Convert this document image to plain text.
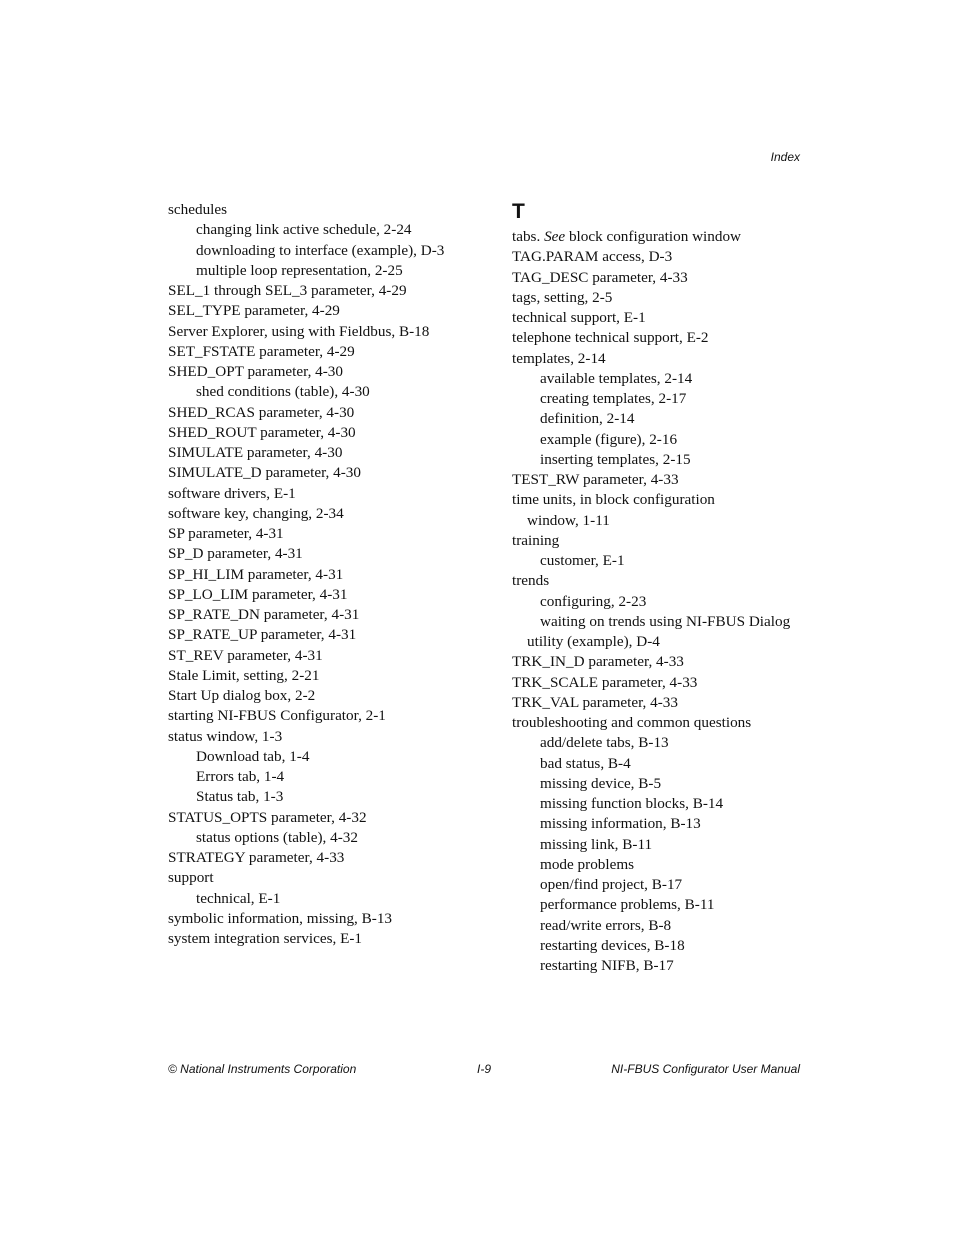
Index
schedules
changing link active schedule, 2-24
downloading to interface (example), D-3
multiple loop representation, 2-25
SEL_1 through SEL_3 parameter, 4-29
SEL_TYPE parameter, 4-29
Server Explorer, using with Fieldbus, B-18
SET_FSTATE parameter, 4-29
SHED_OPT parameter, 4-30
shed conditions (table), 4-30
SHED_RCAS parameter, 4-30
SHED_ROUT parameter, 4-30
SIMULATE parameter, 4-30
SIMULATE_D parameter, 4-30
software drivers, E-1
software key, changing, 2-34
SP parameter, 4-31
SP_D parameter, 4-31
SP_HI_LIM parameter, 4-31
SP_LO_LIM parameter, 4-31
SP_RATE_DN parameter, 4-31
SP_RATE_UP parameter, 4-31
ST_REV parameter, 4-31
Stale Limit, setting, 2-21
Start Up dialog box, 2-2
starting NI-FBUS Configurator, 2-1
status window, 1-3
Download tab, 1-4
Errors tab, 1-4
Status tab, 1-3
STATUS_OPTS parameter, 4-32
status options (table), 4-32
STRATEGY parameter, 4-33
support
technical, E-1
symbolic information, missing, B-13
system integration services, E-1
T
tabs. See block configuration window
TAG.PARAM access, D-3
TAG_DESC parameter, 4-33
tags, setting, 2-5
technical support, E-1
telephone technical support, E-2
templates, 2-14
available templates, 2-14
creating templates, 2-17
definition, 2-14
example (figure), 2-16
inserting templates, 2-15
TEST_RW parameter, 4-33
time units, in block configuration
window, 1-11
training
customer, E-1
trends
configuring, 2-23
waiting on trends using NI-FBUS Dialog
utility (example), D-4
TRK_IN_D parameter, 4-33
TRK_SCALE parameter, 4-33
TRK_VAL parameter, 4-33
troubleshooting and common questions
add/delete tabs, B-13
bad status, B-4
missing device, B-5
missing function blocks, B-14
missing information, B-13
missing link, B-11
mode problems
open/find project, B-17
performance problems, B-11
read/write errors, B-8
restarting devices, B-18
restarting NIFB, B-17
© National Instruments Corporation	I-9	NI-FBUS Configurator User Manual
